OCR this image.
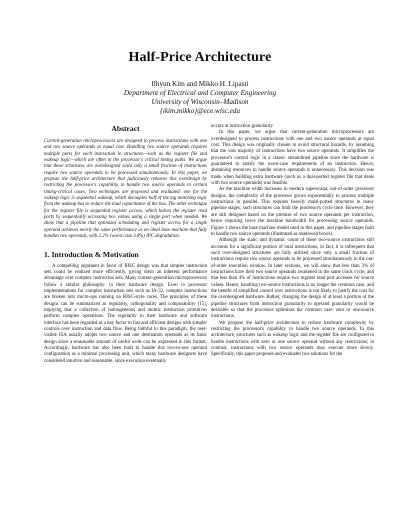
Half-Price Architecture
Ilhyun Kim and Mikko H. Lipasti
Department of Electrical and Computer Engineering
University of Wisconsin–Madison
{ikim,mikko}@ece.wisc.edu
Abstract

Current-generation microprocessors are designed to process instructions with one and two source operands at equal cost. Handling two source operands requires multiple ports for each instruction in structures—such as the register file and wakeup logic—which are often in the processor's critical timing paths. We argue that these structures are overdesigned since only a small fraction of instructions require two source operands to be processed simultaneously. In this paper, we propose the half-price architecture that judiciously removes this overdesign by restricting the processor's capability to handle two source operands in certain timing-critical cases. Two techniques are proposed and evaluated: one for the wakeup logic is sequential wakeup, which decouples half of the tag matching logic from the wakeup bus to reduce the load capacitance of the bus. The other technique for the register file is sequential register access, which halves the register read ports by sequentially accessing two values using a single port when needed. We show that a pipeline that optimizes scheduling and register access for a single operand achieves nearly the same performance as an ideal base machine that fully handles two operands, with 2.2% (worst case 3.8%) IPC degradation.

1. Introduction & Motivation

A compelling argument in favor of RISC design was that simpler instruction sets could be realized more efficiently, giving them an inherent performance advantage over complex instruction sets. Many current-generation microprocessors follow a similar philosophy: in their hardware design. Even in processor implementations for complex instruction sets such as IA-32, complex instructions are broken into micro-ops running on RISC-style cores. The principles of these designs can be summarized as regularity, orthogonality and composability [15], implying that a collection of homogeneous and atomic instruction primitives perform complex operations. The regularity in their hardware and software interface has been regarded as a key factor to fast and efficient designs with simpler controls over instruction and data flow. Being faithful to this paradigm, the user-visible ISA usually adopts two source and one destination operands as its basic design since a reasonable amount of useful work can be expressed in this format. Accordingly, hardware has also been built to handle this two-to-one operand configuration as a minimal processing unit, which many hardware designers have considered intuitive and reasonable, since execution eventually

occurs at instruction granularity.

In this paper, we argue that current-generation microprocessors are overdesigned to process instructions with one and two source operands at equal cost. This design was originally chosen to avoid structural hazards, by assuming that the vast majority of instructions have two source operands. It simplifies the processor's control logic in a classic streamlined pipeline since the hardware is guaranteed to satisfy the worst-case requirements of an instruction. Hence, abstaining resources to handle source operands is unnecessary. This decision was made when building extra hardware (such as a dual-ported register file that deals with two source operands) was feasible.

As the machine width increases in modern superscalar, out-of-order processor designs, the complexity of the processor grows exponentially to process multiple instructions in parallel. This requires heavily multi-ported structures in many pipeline stages; such structures can limit the processor's cycle time. However, they are still designed based on the premise of two source operands per instruction, hence requiring twice the machine bandwidth for processing source operands. Figure 1 shows the base machine model used in this paper, and pipeline stages built to handle two source operands (illustrated as shadowed boxes).

Although the static and dynamic count of these two-source instructions still accounts for a significant portion of total instructions, in fact, it is infrequent that such over-designed structures are fully utilized since only a small fraction of instructions require two source operands to be processed simultaneously in the out-of-order execution window. In later sections, we will show that less than 3% of instructions have their two source operands awakened in the same clock cycle, and that less than 4% of instructions require two register read port accesses for source values. Hence, handling two-source instructions is no longer the common case, and the benefit of simplified control over instructions is not likely to justify the cost for the overdesigned hardware. Rather, changing the design of at least a portion of the pipeline structures from instruction granularity to operand granularity would be desirable so that the processor optimizes the common case: zero or one-source instructions.

We propose the half-price architecture to reduce hardware complexity by restricting the processor's capability to handle two source operands. In this architecture, structures such as wakeup logic and the register file are configured to handle instructions with zero or one source operand without any restrictions; in contrast, instructions with two source operands may execute more slowly. Specifically, this paper proposes and evaluates two solutions for the
